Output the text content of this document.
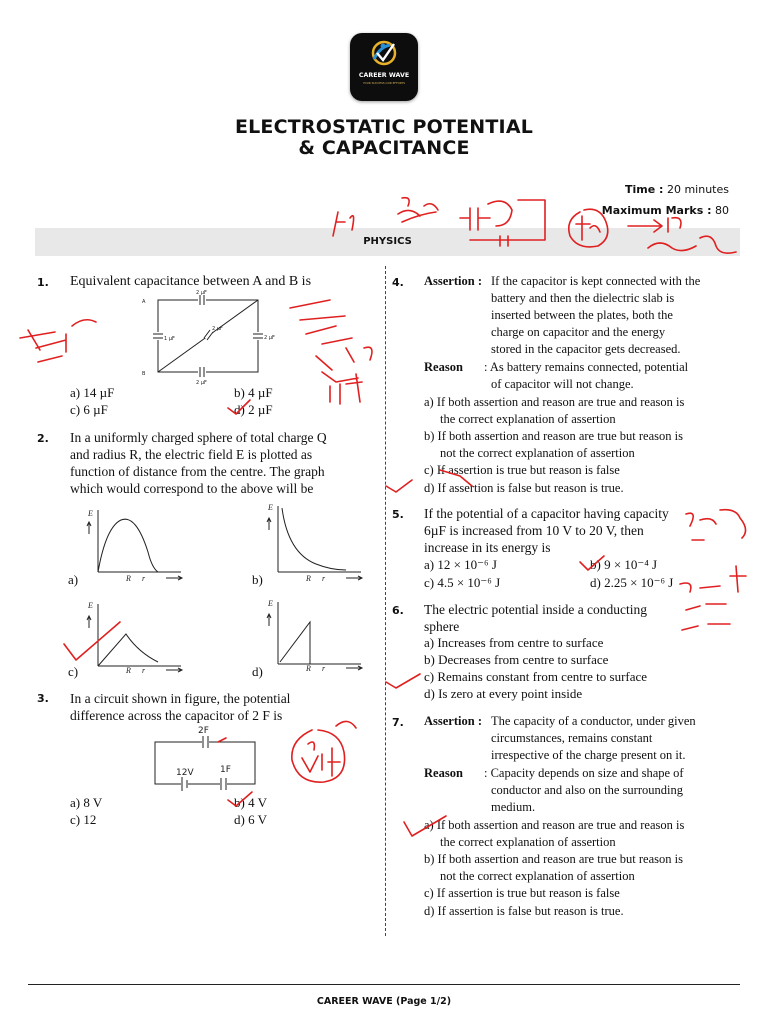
CAREER WAVE
YOUR SUCCESS OUR EFFORTS
ELECTROSTATIC POTENTIAL
& CAPACITANCE
Time : 20 minutes
Maximum Marks : 80
PHYSICS
1. Equivalent capacitance between A and B is
2 µF
2 µF
1 µF	2 µF
2 µF
A
B
a) 14 µF	b) 4 µF
c) 6 µF	d) 2 µF
2. In a uniformly charged sphere of total charge Q
and radius R, the electric field E is plotted as
function of distance from the centre. The graph
which would correspond to the above will be
E
R r
a)
E
R r
b)
E
R r
E
R r
c)	d)
3. In a circuit shown in figure, the potential
difference across the capacitor of 2 F is
2F
12V	1F
a) 8 V	b) 4 V
c) 12	d) 6 V
4. Assertion : If the capacitor is kept connected with the
battery and then the dielectric slab is
inserted between the plates, both the
charge on capacitor and the energy
stored in the capacitor gets decreased.
Reason : As battery remains connected, potential
of capacitor will not change.
a) If both assertion and reason are true and reason is
the correct explanation of assertion
b) If both assertion and reason are true but reason is
not the correct explanation of assertion
c) If assertion is true but reason is false
d) If assertion is false but reason is true.
5. If the potential of a capacitor having capacity
6µF is increased from 10 V to 20 V, then
increase in its energy is
a) 12 × 10⁻⁶ J	b) 9 × 10⁻⁴ J
c) 4.5 × 10⁻⁶ J	d) 2.25 × 10⁻⁶ J
6. The electric potential inside a conducting
sphere
a) Increases from centre to surface
b) Decreases from centre to surface
c) Remains constant from centre to surface
d) Is zero at every point inside
7. Assertion : The capacity of a conductor, under given
circumstances, remains constant
irrespective of the charge present on it.
Reason : Capacity depends on size and shape of
conductor and also on the surrounding
medium.
a) If both assertion and reason are true and reason is
the correct explanation of assertion
b) If both assertion and reason are true but reason is
not the correct explanation of assertion
c) If assertion is true but reason is false
d) If assertion is false but reason is true.
CAREER WAVE (Page 1/2)
